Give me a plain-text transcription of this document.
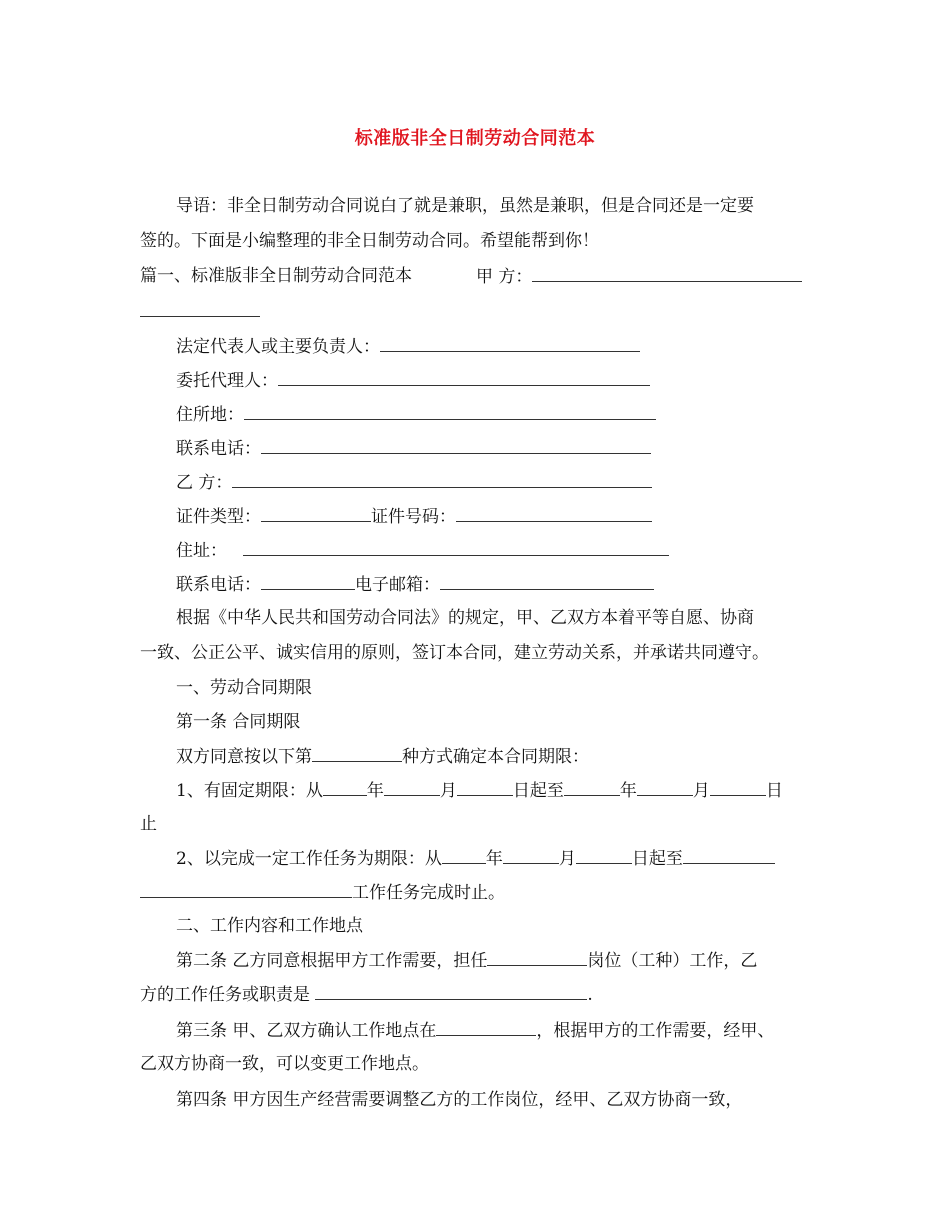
标准版非全日制劳动合同范本
导语：非全日制劳动合同说白了就是兼职，虽然是兼职，但是合同还是一定要
签的。下面是小编整理的非全日制劳动合同。希望能帮到你！
篇一、标准版非全日制劳动合同范本	甲 方：
法定代表人或主要负责人：
委托代理人：
住所地：
联系电话：
乙 方：
证件类型：	证件号码：
住址：
联系电话：	电子邮箱：
根据《中华人民共和国劳动合同法》的规定，甲、乙双方本着平等自愿、协商
一致、公正公平、诚实信用的原则，签订本合同，建立劳动关系，并承诺共同遵守。
一、劳动合同期限
第一条 合同期限
双方同意按以下第	种方式确定本合同期限：
1、有固定期限：从	年	月	日起至	年	月	日
止
2、以完成一定工作任务为期限：从	年	月	日起至
工作任务完成时止。
二、工作内容和工作地点
第二条 乙方同意根据甲方工作需要，担任	岗位（工种）工作，乙
方的工作任务或职责是	.
第三条 甲、乙双方确认工作地点在	，根据甲方的工作需要，经甲、
乙双方协商一致，可以变更工作地点。
第四条 甲方因生产经营需要调整乙方的工作岗位，经甲、乙双方协商一致，
